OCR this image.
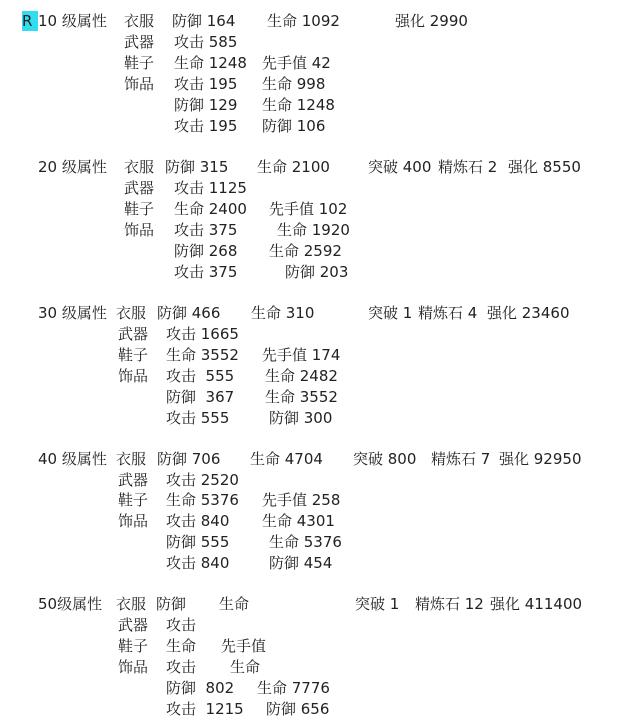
R 10 级属性 衣服 防御 164 生命 1092	强化 2990
武器 攻击 585
鞋子 生命 1248 先手值 42
饰品 攻击 195 生命 998
防御 129 生命 1248
攻击 195 防御 106
20 级属性 衣服 防御 315 生命 2100	突破 400 精炼石 2 强化 8550
武器 攻击 1125
鞋子 生命 2400 先手值 102
饰品 攻击 375	生命 1920
防御 268 生命 2592
攻击 375	防御 203
30 级属性 衣服 防御 466 生命 310	突破 1 精炼石 4 强化 23460
武器 攻击 1665
鞋子 生命 3552 先手值 174
饰品 攻击  555 生命 2482
防御  367 生命 3552
攻击 555	防御 300
40 级属性 衣服 防御 706 生命 4704 突破 800 精炼石 7 强化 92950
武器 攻击 2520
鞋子 生命 5376 先手值 258
饰品 攻击 840 生命 4301
防御 555	生命 5376
攻击 840	防御 454
50级属性 衣服 防御 生命	突破 1 精炼石 12 强化 411400
武器 攻击
鞋子 生命 先手值
饰品 攻击 生命
防御  802 生命 7776
攻击  1215 防御 656
